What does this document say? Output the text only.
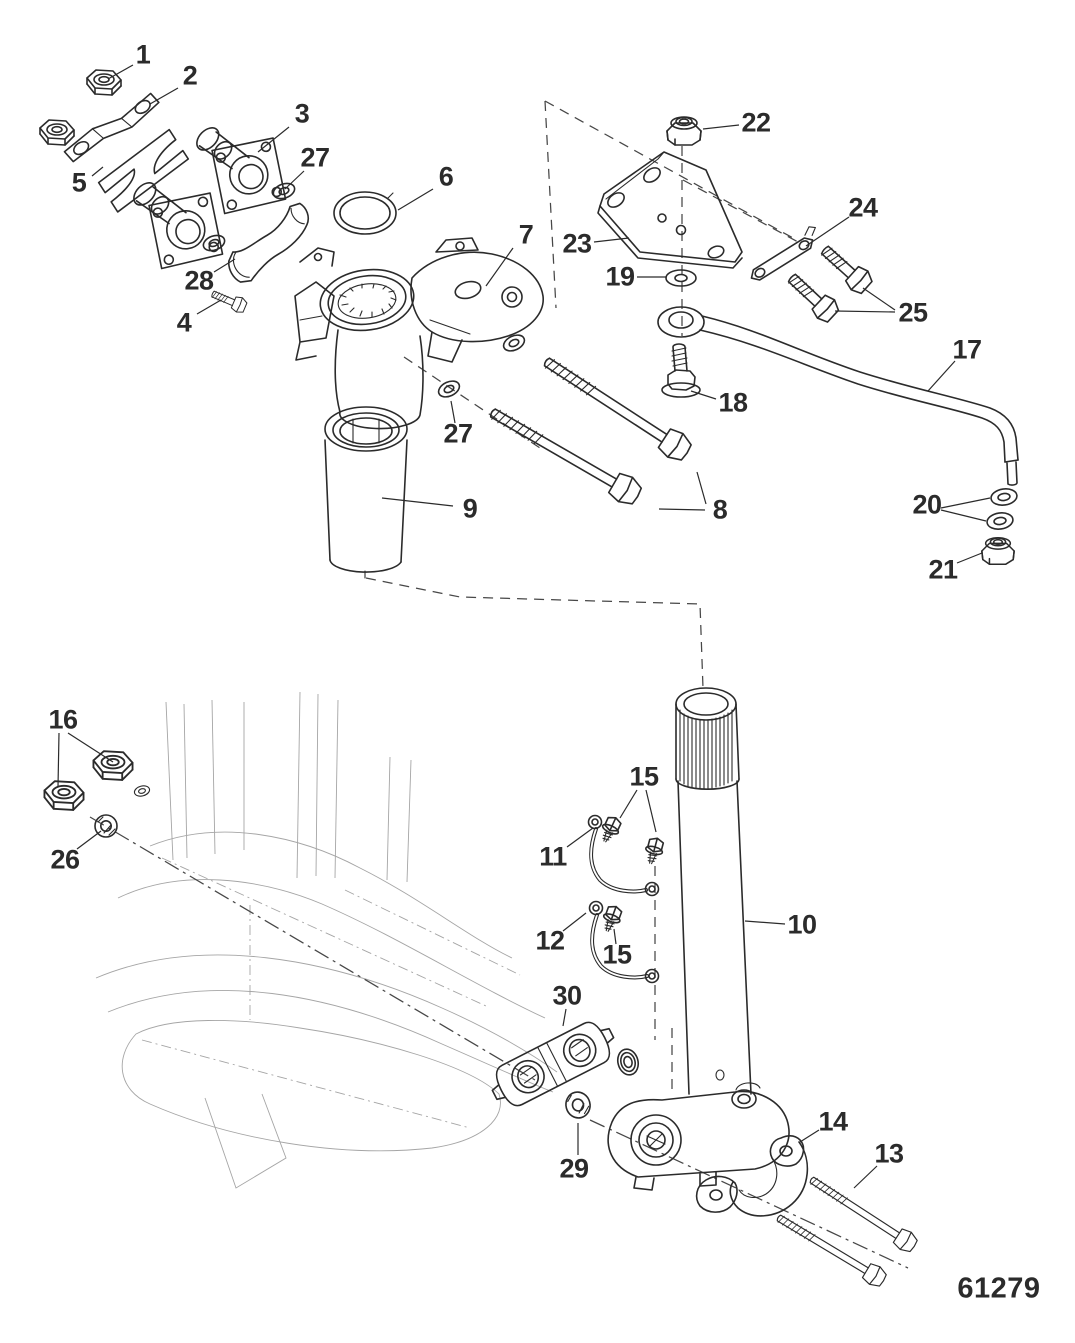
1
2
3
5
27
28
4
6
7
22
23
19
24
25
18
17
27
9	8	20
21
16
26
15
11
12 15
10
30
29
14
13
61279
